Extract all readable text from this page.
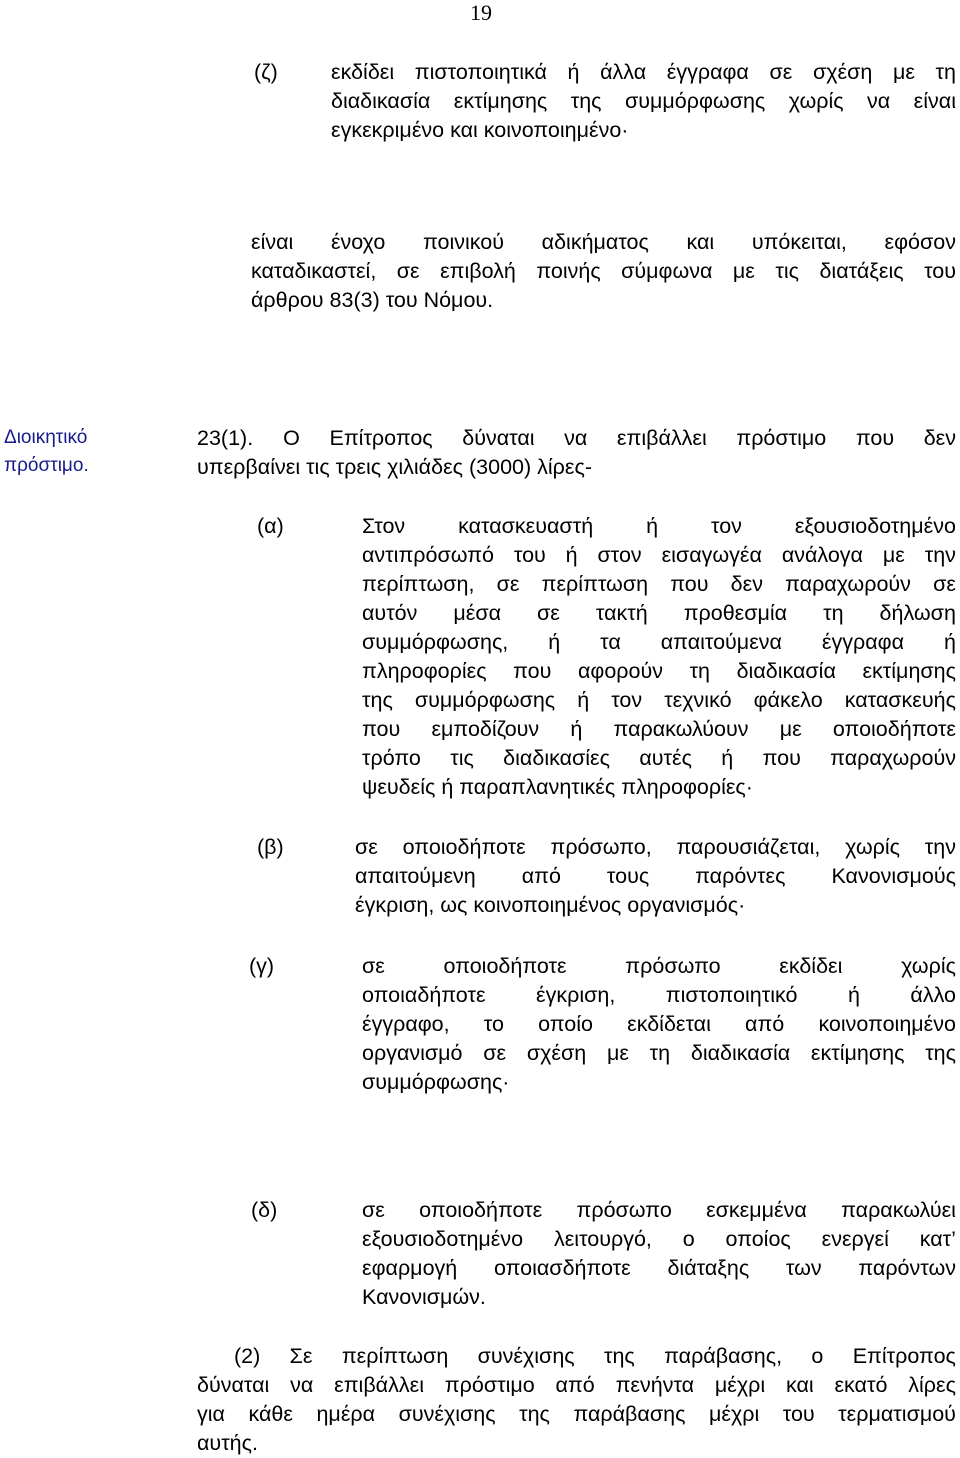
19
(ζ) εκδίδει πιστοποιητικά ή άλλα έγγραφα σε σχέση με τη
διαδικασία εκτίμησης της συμμόρφωσης χωρίς να είναι
εγκεκριμένο και κοινοποιημένο·
είναι ένοχο ποινικού αδικήματος και υπόκειται, εφόσον
καταδικαστεί, σε επιβολή ποινής σύμφωνα με τις διατάξεις του
άρθρου 83(3) του Νόμου.
Διοικητικό
πρόστιμο.
23(1). Ο Επίτροπος δύναται να επιβάλλει πρόστιμο που δεν
υπερβαίνει τις τρεις χιλιάδες (3000) λίρες-
(α)	Στον κατασκευαστή ή τον εξουσιοδοτημένο
αντιπρόσωπό του ή στον εισαγωγέα ανάλογα με την
περίπτωση, σε περίπτωση που δεν παραχωρούν σε
αυτόν μέσα σε τακτή προθεσμία τη δήλωση
συμμόρφωσης, ή τα απαιτούμενα έγγραφα ή
πληροφορίες που αφορούν τη διαδικασία εκτίμησης
της συμμόρφωσης ή τον τεχνικό φάκελο κατασκευής
που εμποδίζουν ή παρακωλύουν με οποιοδήποτε
τρόπο τις διαδικασίες αυτές ή που παραχωρούν
ψευδείς ή παραπλανητικές πληροφορίες·
(β)	σε οποιοδήποτε πρόσωπο, παρουσιάζεται, χωρίς την
απαιτούμενη από τους παρόντες Κανονισμούς
έγκριση, ως κοινοποιημένος οργανισμός·
(γ)	σε	οποιοδήποτε	πρόσωπο	εκδίδει	χωρίς
οποιαδήποτε έγκριση, πιστοποιητικό ή άλλο
έγγραφο, το οποίο εκδίδεται από κοινοποιημένο
οργανισμό σε σχέση με τη διαδικασία εκτίμησης της
συμμόρφωσης·
(δ)	σε οποιοδήποτε πρόσωπο εσκεμμένα παρακωλύει
εξουσιοδοτημένο λειτουργό, ο οποίος ενεργεί κατ’
εφαρμογή οποιασδήποτε διάταξης των παρόντων
Κανονισμών.
(2) Σε περίπτωση συνέχισης της παράβασης, ο Επίτροπος
δύναται να επιβάλλει πρόστιμο από πενήντα μέχρι και εκατό λίρες
για κάθε ημέρα συνέχισης της παράβασης μέχρι του τερματισμού
αυτής.
